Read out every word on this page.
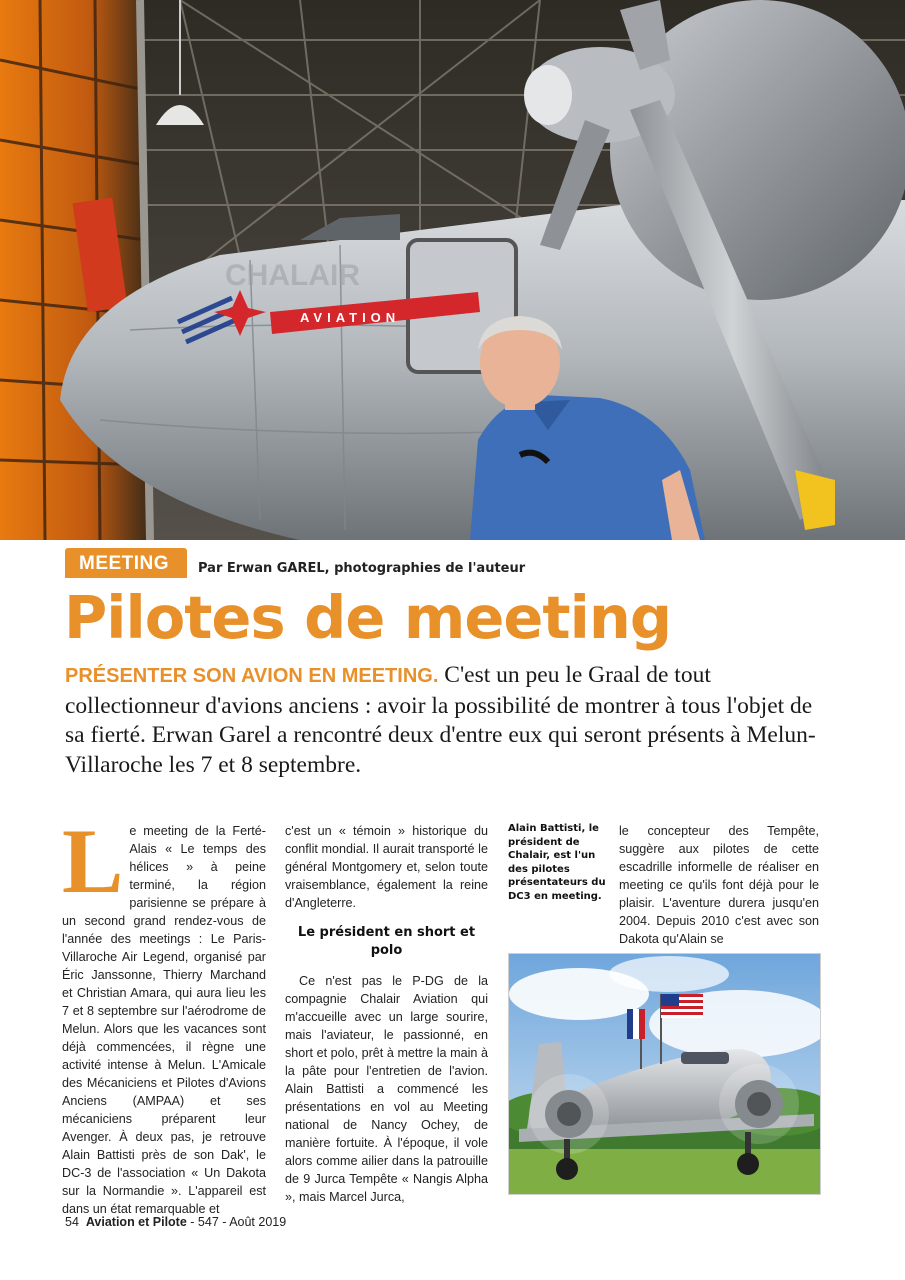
CHALAIR
AVIATION
MEETING Par Erwan GAREL, photographies de l'auteur
Pilotes de meeting
PRÉSENTER SON AVION EN MEETING. C'est un peu le Graal de tout collectionneur d'avions anciens : avoir la possibilité de montrer à tous l'objet de sa fierté. Erwan Garel a rencontré deux d'entre eux qui seront présents à Melun-Villaroche les 7 et 8 septembre.
L e meeting de la Ferté-Alais « Le temps des hélices » à peine terminé, la région parisienne se prépare à un second grand rendez-vous de l'année des meetings : Le Paris-Villaroche Air Legend, organisé par Éric Janssonne, Thierry Marchand et Christian Amara, qui aura lieu les 7 et 8 septembre sur l'aérodrome de Melun. Alors que les vacances sont déjà commencées, il règne une activité intense à Melun. L'Amicale des Mécaniciens et Pilotes d'Avions Anciens (AMPAA) et ses mécaniciens préparent leur Avenger. À deux pas, je retrouve Alain Battisti près de son Dak', le DC-3 de l'association « Un Dakota sur la Normandie ». L'appareil est dans un état remarquable et

c'est un « témoin » historique du conflit mondial. Il aurait transporté le général Montgomery et, selon toute vraisemblance, également la reine d'Angleterre.

Le président en short et polo

Ce n'est pas le P-DG de la compagnie Chalair Aviation qui m'accueille avec un large sourire, mais l'aviateur, le passionné, en short et polo, prêt à mettre la main à la pâte pour l'entretien de l'avion. Alain Battisti a commencé les présentations en vol au Meeting national de Nancy Ochey, de manière fortuite. À l'époque, il vole alors comme ailier dans la patrouille de 9 Jurca Tempête « Nangis Alpha », mais Marcel Jurca,

Alain Battisti, le président de Chalair, est l'un des pilotes présentateurs du DC3 en meeting.

le concepteur des Tempête, suggère aux pilotes de cette escadrille informelle de réaliser en meeting ce qu'ils font déjà pour le plaisir. L'aventure durera jusqu'en 2004. Depuis 2010 c'est avec son Dakota qu'Alain se

54 Aviation et Pilote - 547 - Août 2019
